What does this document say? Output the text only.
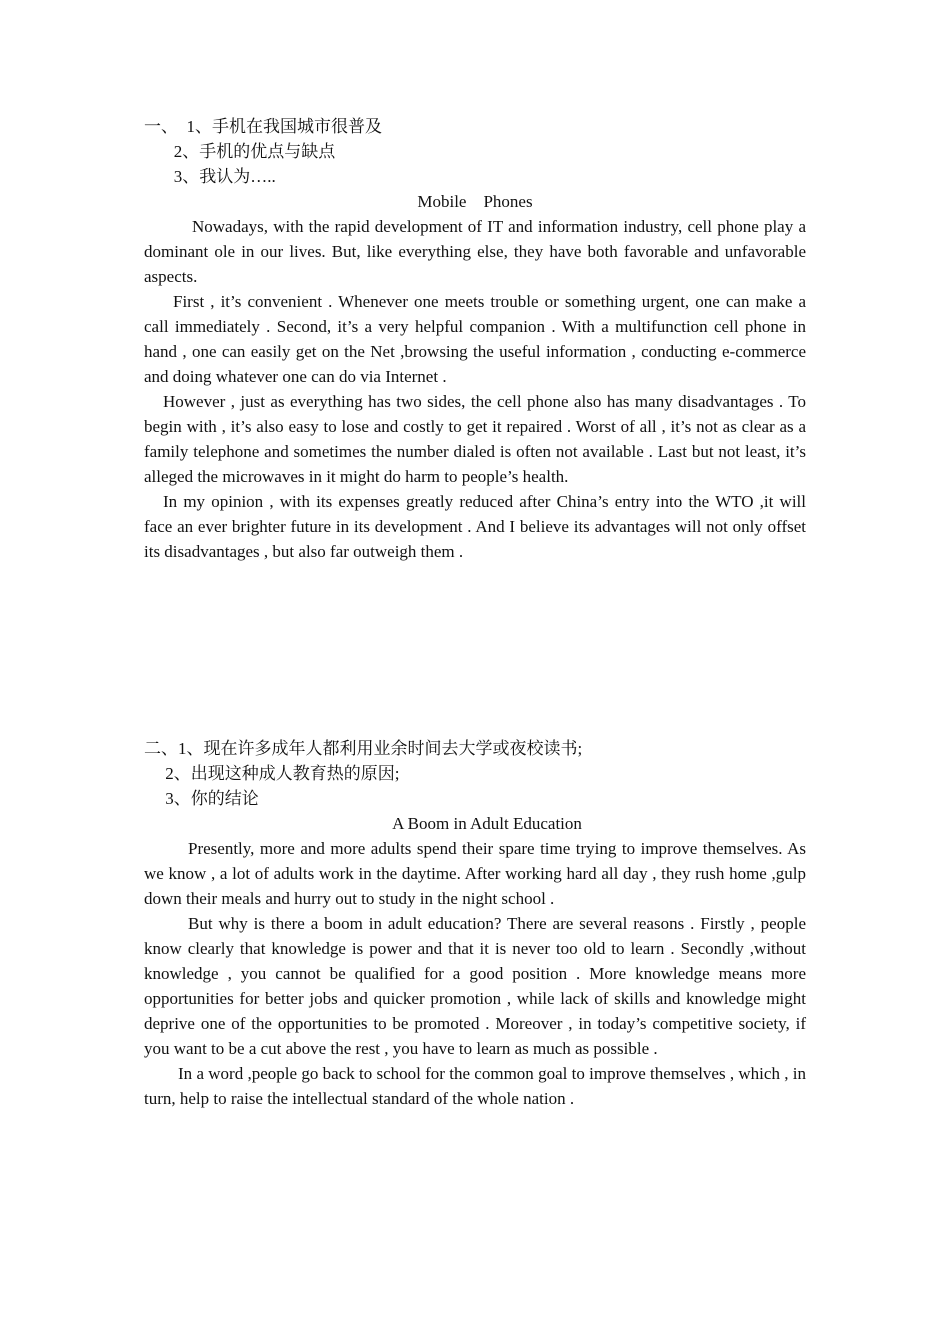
一、  1、手机在我国城市很普及
2、手机的优点与缺点
3、我认为…..
Mobile    Phones
Nowadays, with the rapid development of IT and information industry, cell phone play a dominant ole in our lives. But, like everything else, they have both favorable and unfavorable aspects.
First , it’s convenient . Whenever one meets trouble or something urgent, one can make a call immediately . Second, it’s a very helpful companion . With a multifunction cell phone in hand , one can easily get on the Net ,browsing the useful information , conducting e-commerce and doing whatever one can do via Internet .
However , just as everything has two sides, the cell phone also has many disadvantages . To begin with , it’s also easy to lose and costly to get it repaired . Worst of all , it’s not as clear as a family telephone and sometimes the number dialed is often not available . Last but not least, it’s alleged the microwaves in it might do harm to people’s health.
In my opinion , with its expenses greatly reduced after China’s entry into the WTO ,it will face an ever brighter future in its development . And I believe its advantages will not only offset its disadvantages , but also far outweigh them .
二、1、现在许多成年人都利用业余时间去大学或夜校读书;
2、出现这种成人教育热的原因;
3、你的结论
A Boom in Adult Education
Presently, more and more adults spend their spare time trying to improve themselves. As we know , a lot of adults work in the daytime. After working hard all day , they rush home ,gulp down their meals and hurry out to study in the night school .
But why is there a boom in adult education? There are several reasons . Firstly , people know clearly that knowledge is power and that it is never too old to learn . Secondly ,without knowledge , you cannot be qualified for a good position . More knowledge means more opportunities for better jobs and quicker promotion , while lack of skills and knowledge might deprive one of the opportunities to be promoted . Moreover , in today’s competitive society, if you want to be a cut above the rest , you have to learn as much as possible .
In a word ,people go back to school for the common goal to improve themselves , which , in turn, help to raise the intellectual standard of the whole nation .
